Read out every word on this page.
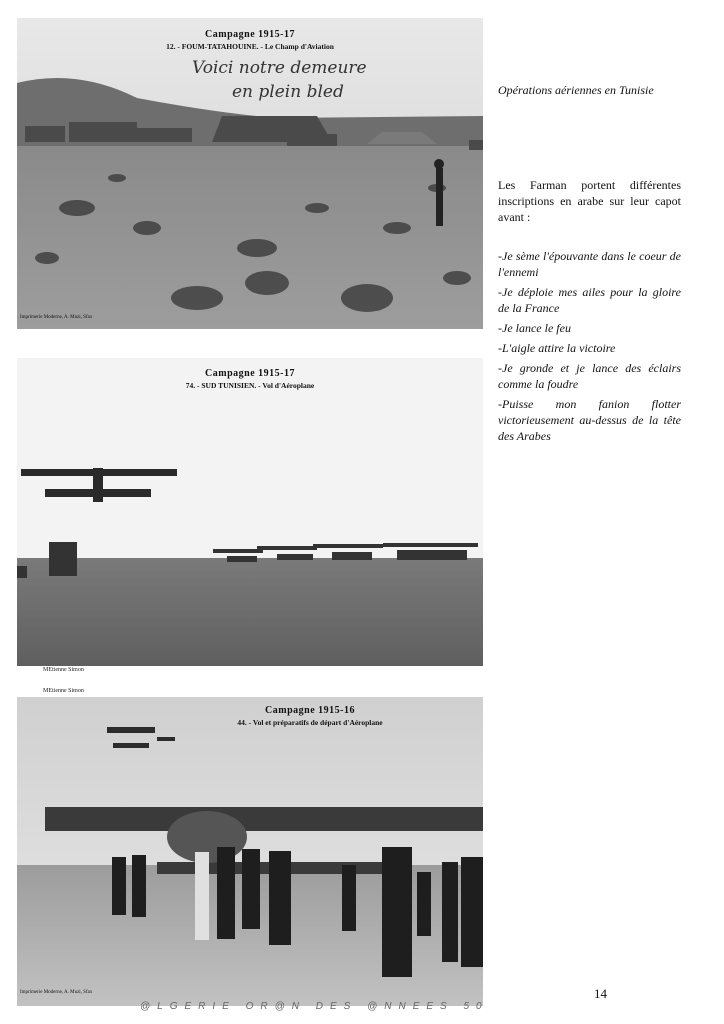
Campagne 1915-17
12. - FOUM-TATAHOUINE. - Le Champ d'Aviation
Voici notre demeure
en plein bled
Imprimerie Moderne, A. Muzi, Sfax
Campagne 1915-17
74. - SUD TUNISIEN. - Vol d'Aéroplane
MEtienne Simon
MEtienne Simon
Campagne 1915-16
44. - Vol et préparatifs de départ d'Aéroplane
Imprimerie Moderne, A. Muzi, Sfax
Opérations aériennes en Tunisie
Les Farman portent différentes inscriptions en arabe sur leur capot avant :

-Je sème l'épouvante dans le coeur de l'ennemi

-Je déploie mes ailes pour la gloire de la France

-Je lance le feu

-L'aigle attire la victoire

-Je gronde et je lance des éclairs comme la foudre

-Puisse mon fanion flotter victorieusement au-dessus de la tête des Arabes

14
@LGERIE OR@N DES @NNEES 50
